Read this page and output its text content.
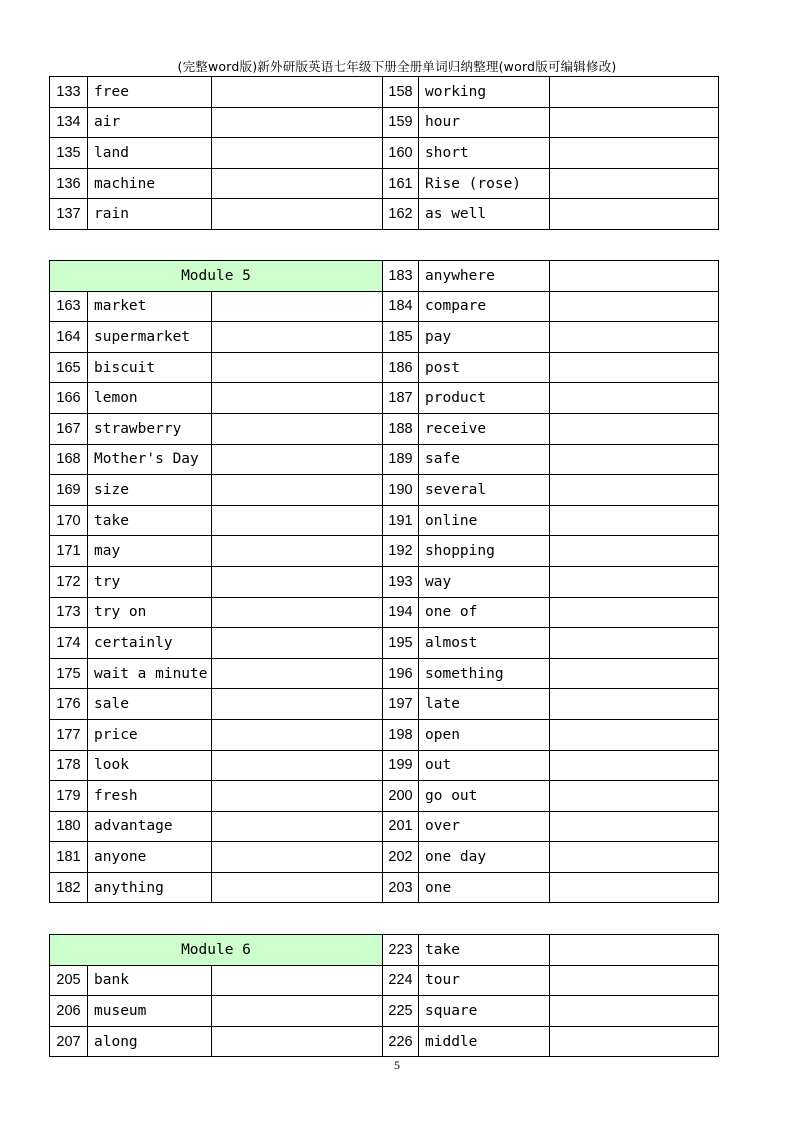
(完整word版)新外研版英语七年级下册全册单词归纳整理(word版可编辑修改)
133	free		158	working	
134	air		159	hour	
135	land		160	short	
136	machine		161	Rise (rose)	
137	rain		162	as well	
Module 5			183	anywhere	
163	market		184	compare	
164	supermarket		185	pay	
165	biscuit		186	post	
166	lemon		187	product	
167	strawberry		188	receive	
168	Mother's Day		189	safe	
169	size		190	several	
170	take		191	online	
171	may		192	shopping	
172	try		193	way	
173	try on		194	one of	
174	certainly		195	almost	
175	wait a minute		196	something	
176	sale		197	late	
177	price		198	open	
178	look		199	out	
179	fresh		200	go out	
180	advantage		201	over	
181	anyone		202	one day	
182	anything		203	one	
Module 6			223	take	
205	bank		224	tour	
206	museum		225	square	
207	along		226	middle	
5
